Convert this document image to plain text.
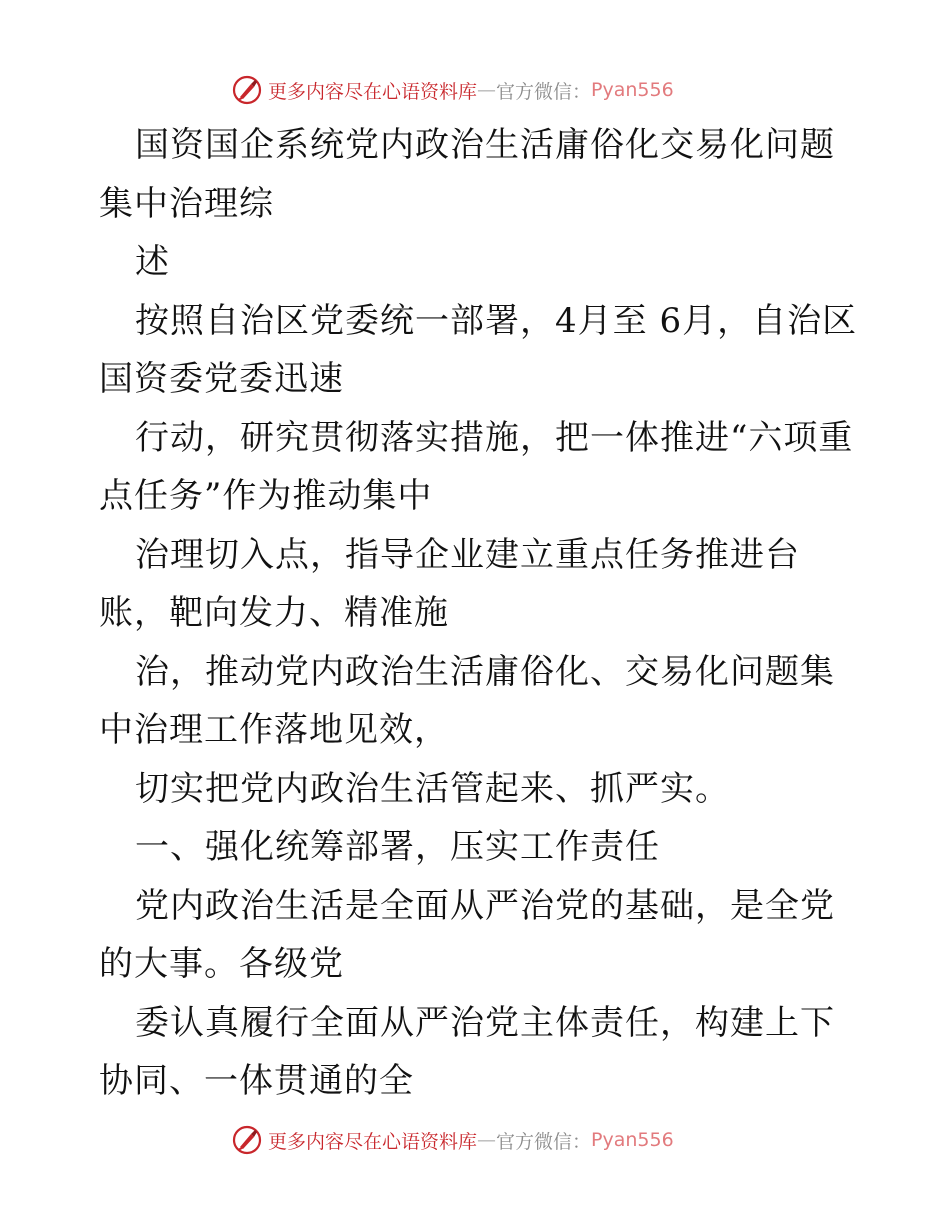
更多内容尽在心语资料库 — 官方微信： Pyan556

国资国企系统党内政治生活庸俗化交易化问题集中治理综

述

按照自治区党委统一部署，4月至 6月，自治区国资委党委迅速

行动，研究贯彻落实措施，把一体推进“六项重点任务”作为推动集中

治理切入点，指导企业建立重点任务推进台账，靶向发力、精准施

治，推动党内政治生活庸俗化、交易化问题集中治理工作落地见效，

切实把党内政治生活管起来、抓严实。

一、强化统筹部署，压实工作责任

党内政治生活是全面从严治党的基础，是全党的大事。各级党

委认真履行全面从严治党主体责任，构建上下协同、一体贯通的全

更多内容尽在心语资料库 — 官方微信： Pyan556
